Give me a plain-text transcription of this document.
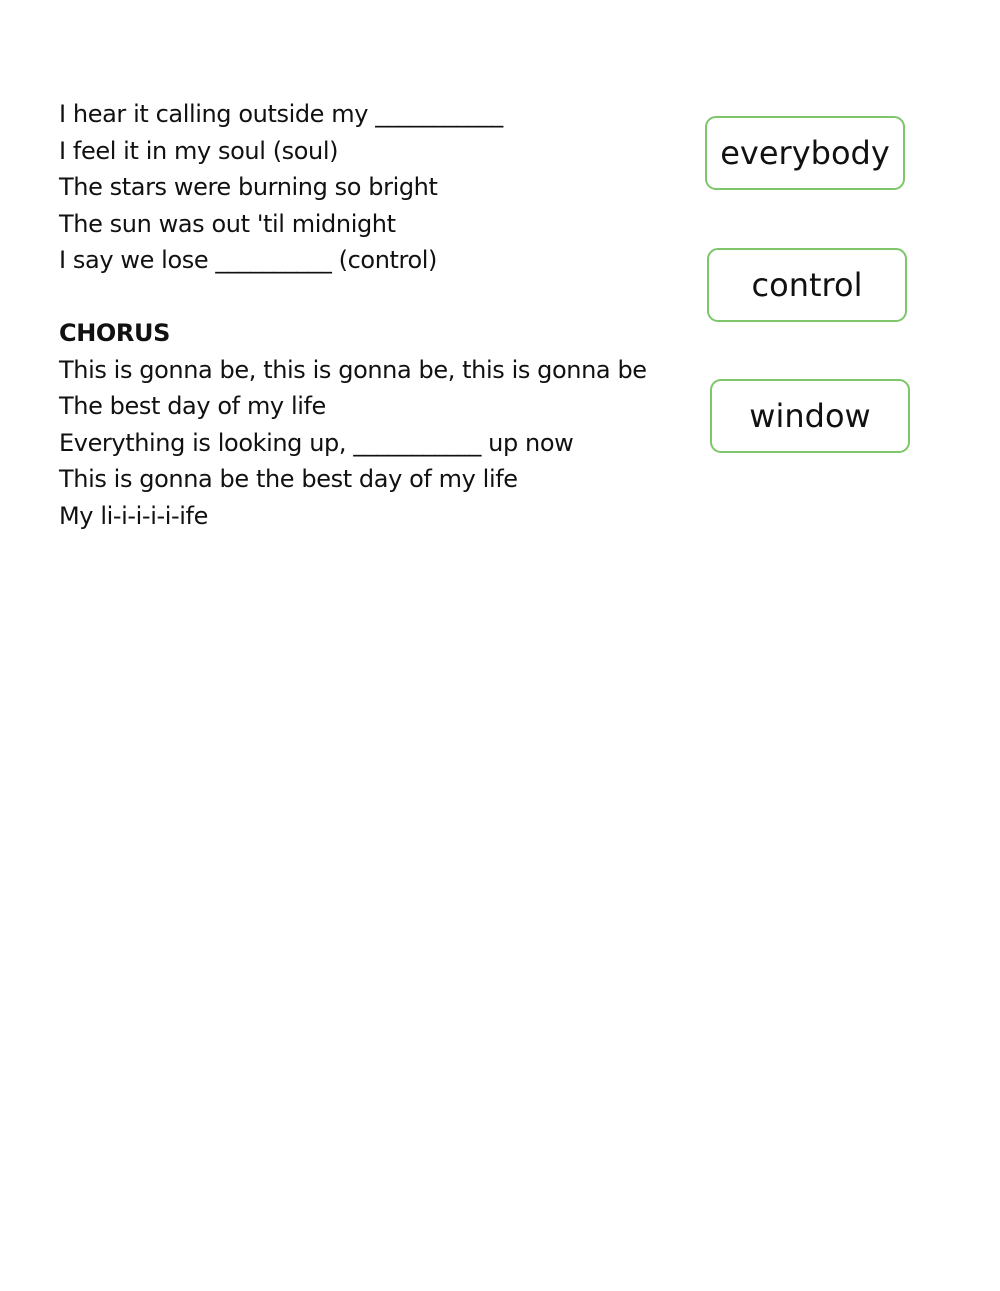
I hear it calling outside my ___________
I feel it in my soul (soul)
The stars were burning so bright
The sun was out 'til midnight
I say we lose __________ (control)
CHORUS
This is gonna be, this is gonna be, this is gonna be
The best day of my life
Everything is looking up, ___________ up now
This is gonna be the best day of my life
My li-i-i-i-i-ife
everybody
control
window
